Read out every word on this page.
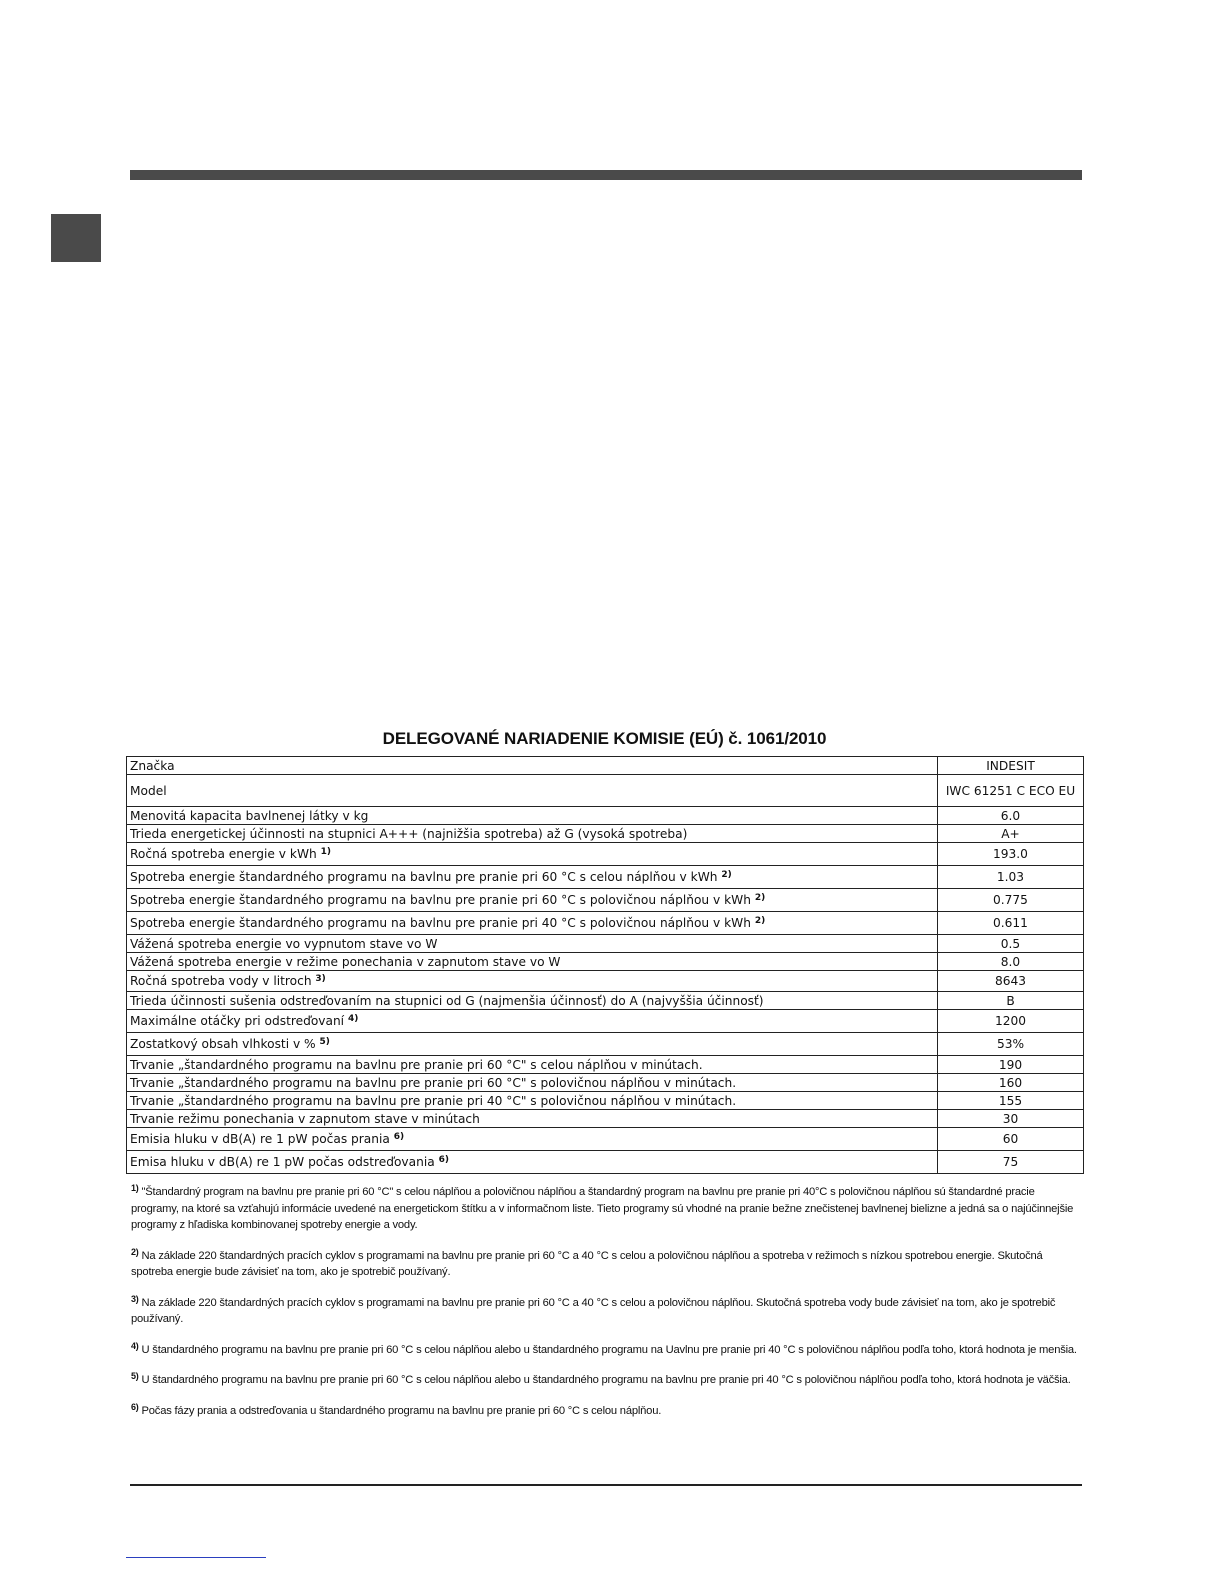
DELEGOVANÉ NARIADENIE KOMISIE (EÚ) č. 1061/2010
Značka	INDESIT
Model	IWC 61251 C ECO EU
Menovitá kapacita bavlnenej látky v kg	6.0
Trieda energetickej účinnosti na stupnici A+++ (najnižšia spotreba) až G (vysoká spotreba)	A+
Ročná spotreba energie v kWh $^{1)}$	193.0
Spotreba energie štandardného programu na bavlnu pre pranie pri 60 °C s celou náplňou v kWh $^{2)}$	1.03
Spotreba energie štandardného programu na bavlnu pre pranie pri 60 °C s polovičnou náplňou v kWh $^{2)}$	0.775
Spotreba energie štandardného programu na bavlnu pre pranie pri 40 °C s polovičnou náplňou v kWh $^{2)}$	0.611
Vážená spotreba energie vo vypnutom stave vo W	0.5
Vážená spotreba energie v režime ponechania v zapnutom stave vo W	8.0
Ročná spotreba vody v litroch $^{3)}$	8643
Trieda účinnosti sušenia odstreďovaním na stupnici od G (najmenšia účinnosť) do A (najvyššia účinnosť)	B
Maximálne otáčky pri odstreďovaní $^{4)}$	1200
Zostatkový obsah vlhkosti v % $^{5)}$	53%
Trvanie „štandardného programu na bavlnu pre pranie pri 60 °C" s celou náplňou v minútach.	190
Trvanie „štandardného programu na bavlnu pre pranie pri 60 °C" s polovičnou náplňou v minútach.	160
Trvanie „štandardného programu na bavlnu pre pranie pri 40 °C" s polovičnou náplňou v minútach.	155
Trvanie režimu ponechania v zapnutom stave v minútach	30
Emisia hluku v dB(A) re 1 pW počas prania $^{6)}$	60
Emisa hluku v dB(A) re 1 pW počas odstreďovania $^{6)}$	75

$^{1)}$ "Štandardný program na bavlnu pre pranie pri 60 °C" s celou náplňou a polovičnou náplňou a štandardný program na bavlnu pre pranie pri 40°C s polovičnou náplňou sú štandardné pracie programy, na ktoré sa vzťahujú informácie uvedené na energetickom štítku a v informačnom liste. Tieto programy sú vhodné na pranie bežne znečistenej bavlnenej bielizne a jedná sa o najúčinnejšie programy z hľadiska kombinovanej spotreby energie a vody.

$^{2)}$ Na základe 220 štandardných pracích cyklov s programami na bavlnu pre pranie pri 60 °C a 40 °C s celou a polovičnou náplňou a spotreba v režimoch s nízkou spotrebou energie. Skutočná spotreba energie bude závisieť na tom, ako je spotrebič používaný.

$^{3)}$ Na základe 220 štandardných pracích cyklov s programami na bavlnu pre pranie pri 60 °C a 40 °C s celou a polovičnou náplňou. Skutočná spotreba vody bude závisieť na tom, ako je spotrebič používaný.

$^{4)}$ U štandardného programu na bavlnu pre pranie pri 60 °C s celou náplňou alebo u štandardného programu na Uavlnu pre pranie pri 40 °C s polovičnou náplňou podľa toho, ktorá hodnota je menšia.

$^{5)}$ U štandardného programu na bavlnu pre pranie pri 60 °C s celou náplňou alebo u štandardného programu na bavlnu pre pranie pri 40 °C s polovičnou náplňou podľa toho, ktorá hodnota je väčšia.

$^{6)}$ Počas fázy prania a odstreďovania u štandardného programu na bavlnu pre pranie pri 60 °C s celou náplňou.
